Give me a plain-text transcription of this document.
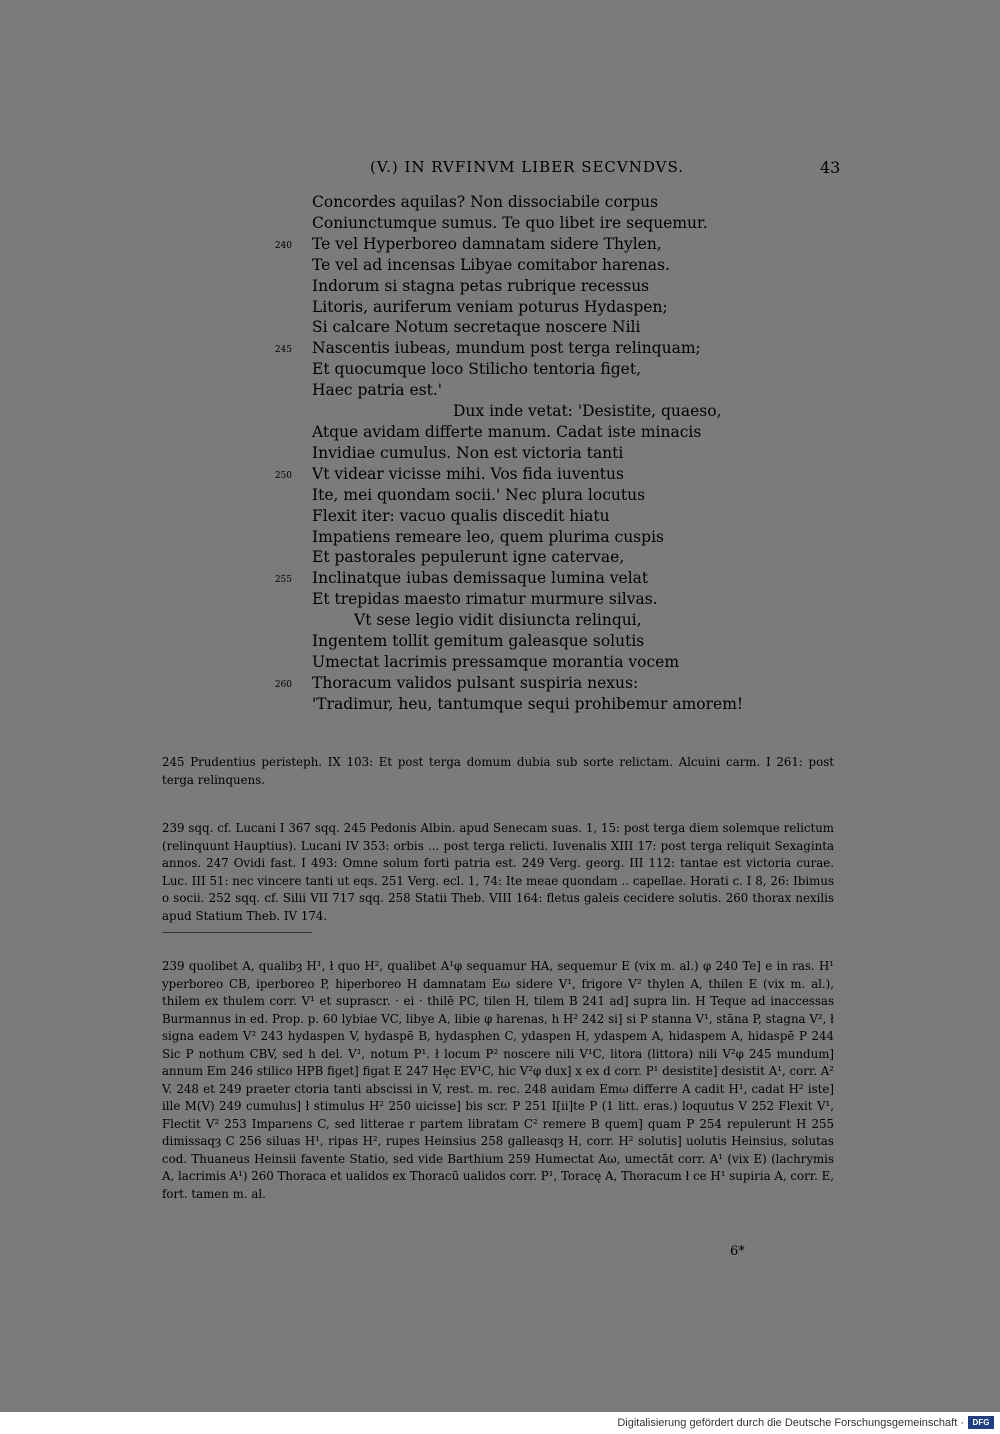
(V.) IN RVFINVM LIBER SECVNDVS.	43
Concordes aquilas? Non dissociabile corpus
Coniunctumque sumus. Te quo libet ire sequemur.
240 Te vel Hyperboreo damnatam sidere Thylen,
Te vel ad incensas Libyae comitabor harenas.
Indorum si stagna petas rubrique recessus
Litoris, auriferum veniam poturus Hydaspen;
Si calcare Notum secretaque noscere Nili
245 Nascentis iubeas, mundum post terga relinquam;
Et quocumque loco Stilicho tentoria figet,
Haec patria est.'
Dux inde vetat: 'Desistite, quaeso,
Atque avidam differte manum. Cadat iste minacis
Invidiae cumulus. Non est victoria tanti
250 Vt videar vicisse mihi. Vos fida iuventus
Ite, mei quondam socii.' Nec plura locutus
Flexit iter: vacuo qualis discedit hiatu
Impatiens remeare leo, quem plurima cuspis
Et pastorales pepulerunt igne catervae,
255 Inclinatque iubas demissaque lumina velat
Et trepidas maesto rimatur murmure silvas.
Vt sese legio vidit disiuncta relinqui,
Ingentem tollit gemitum galeasque solutis
Umectat lacrimis pressamque morantia vocem
260 Thoracum validos pulsant suspiria nexus:
'Tradimur, heu, tantumque sequi prohibemur amorem!

245 Prudentius peristeph. IX 103: Et post terga domum dubia sub sorte relictam. Alcuini carm. I 261: post terga relinquens.

239 sqq. cf. Lucani I 367 sqq. 245 Pedonis Albin. apud Senecam suas. 1, 15: post terga diem solemque relictum (relinquunt Hauptius). Lucani IV 353: orbis ... post terga relicti. Iuvenalis XIII 17: post terga reliquit Sexaginta annos. 247 Ovidi fast. I 493: Omne solum forti patria est. 249 Verg. georg. III 112: tantae est victoria curae. Luc. III 51: nec vincere tanti ut eqs. 251 Verg. ecl. 1, 74: Ite meae quondam .. capellae. Horati c. I 8, 26: Ibimus o socii. 252 sqq. cf. Silii VII 717 sqq. 258 Statii Theb. VIII 164: fletus galeis cecidere solutis. 260 thorax nexilis apud Statium Theb. IV 174.

239 quolibet A, qualibȝ H¹, ł quo H², qualibet A¹φ sequamur HA, sequemur E (vix m. al.) φ 240 Te] e in ras. H¹ yperboreo CB, iperboreo P, hiperboreo H damnatam Eω sidere V¹, frigore V² thylen A, thilen E (vix m. al.), thilem ex thulem corr. V¹ et suprascr. · ei · thilē PC, tilen H, tilem B 241 ad] supra lin. H Teque ad inaccessas Burmannus in ed. Prop. p. 60 lybiae VC, libye A, libie φ harenas, h H² 242 si] si P stanna V¹, stāna P, stagna V², ł signa eadem V² 243 hydaspen V, hydaspē B, hydasphen C, ydaspen H, ydaspem A, hidaspem A, hidaspē P 244 Sic P nothum CBV, sed h del. V¹, notum P¹. ł locum P² noscere nili V¹C, litora (littora) nili V²φ 245 mundum] annum Em 246 stilico HPB figet] figat E 247 Hęc EV¹C, hic V²φ dux] x ex d corr. P¹ desistite] desistit A¹, corr. A² V. 248 et 249 praeter ctoria tanti abscissi in V, rest. m. rec. 248 auidam Emω differre A cadit H¹, cadat H² iste] ille M(V) 249 cumulus] ł stimulus H² 250 uicisse] bis scr. P 251 I[ii]te P (1 litt. eras.) loquutus V 252 Flexit V¹, Flectit V² 253 Imparıens C, sed litterae r partem libratam C² remere B quem] quam P 254 repulerunt H 255 dimissaqȝ C 256 siluas H¹, ripas H², rupes Heinsius 258 galleasqȝ H, corr. H² solutis] uolutis Heinsius, solutas cod. Thuaneus Heinsii favente Statio, sed vide Barthium 259 Humectat Aω, umectāt corr. A¹ (vix E) (lachrymis A, lacrimis A¹) 260 Thoraca et ualidos ex Thoracū ualidos corr. P¹, Toracę A, Thoracum ł ce H¹ supiria A, corr. E, fort. tamen m. al.

6*
Digitalisierung gefördert durch die Deutsche Forschungsgemeinschaft ·	DFG
